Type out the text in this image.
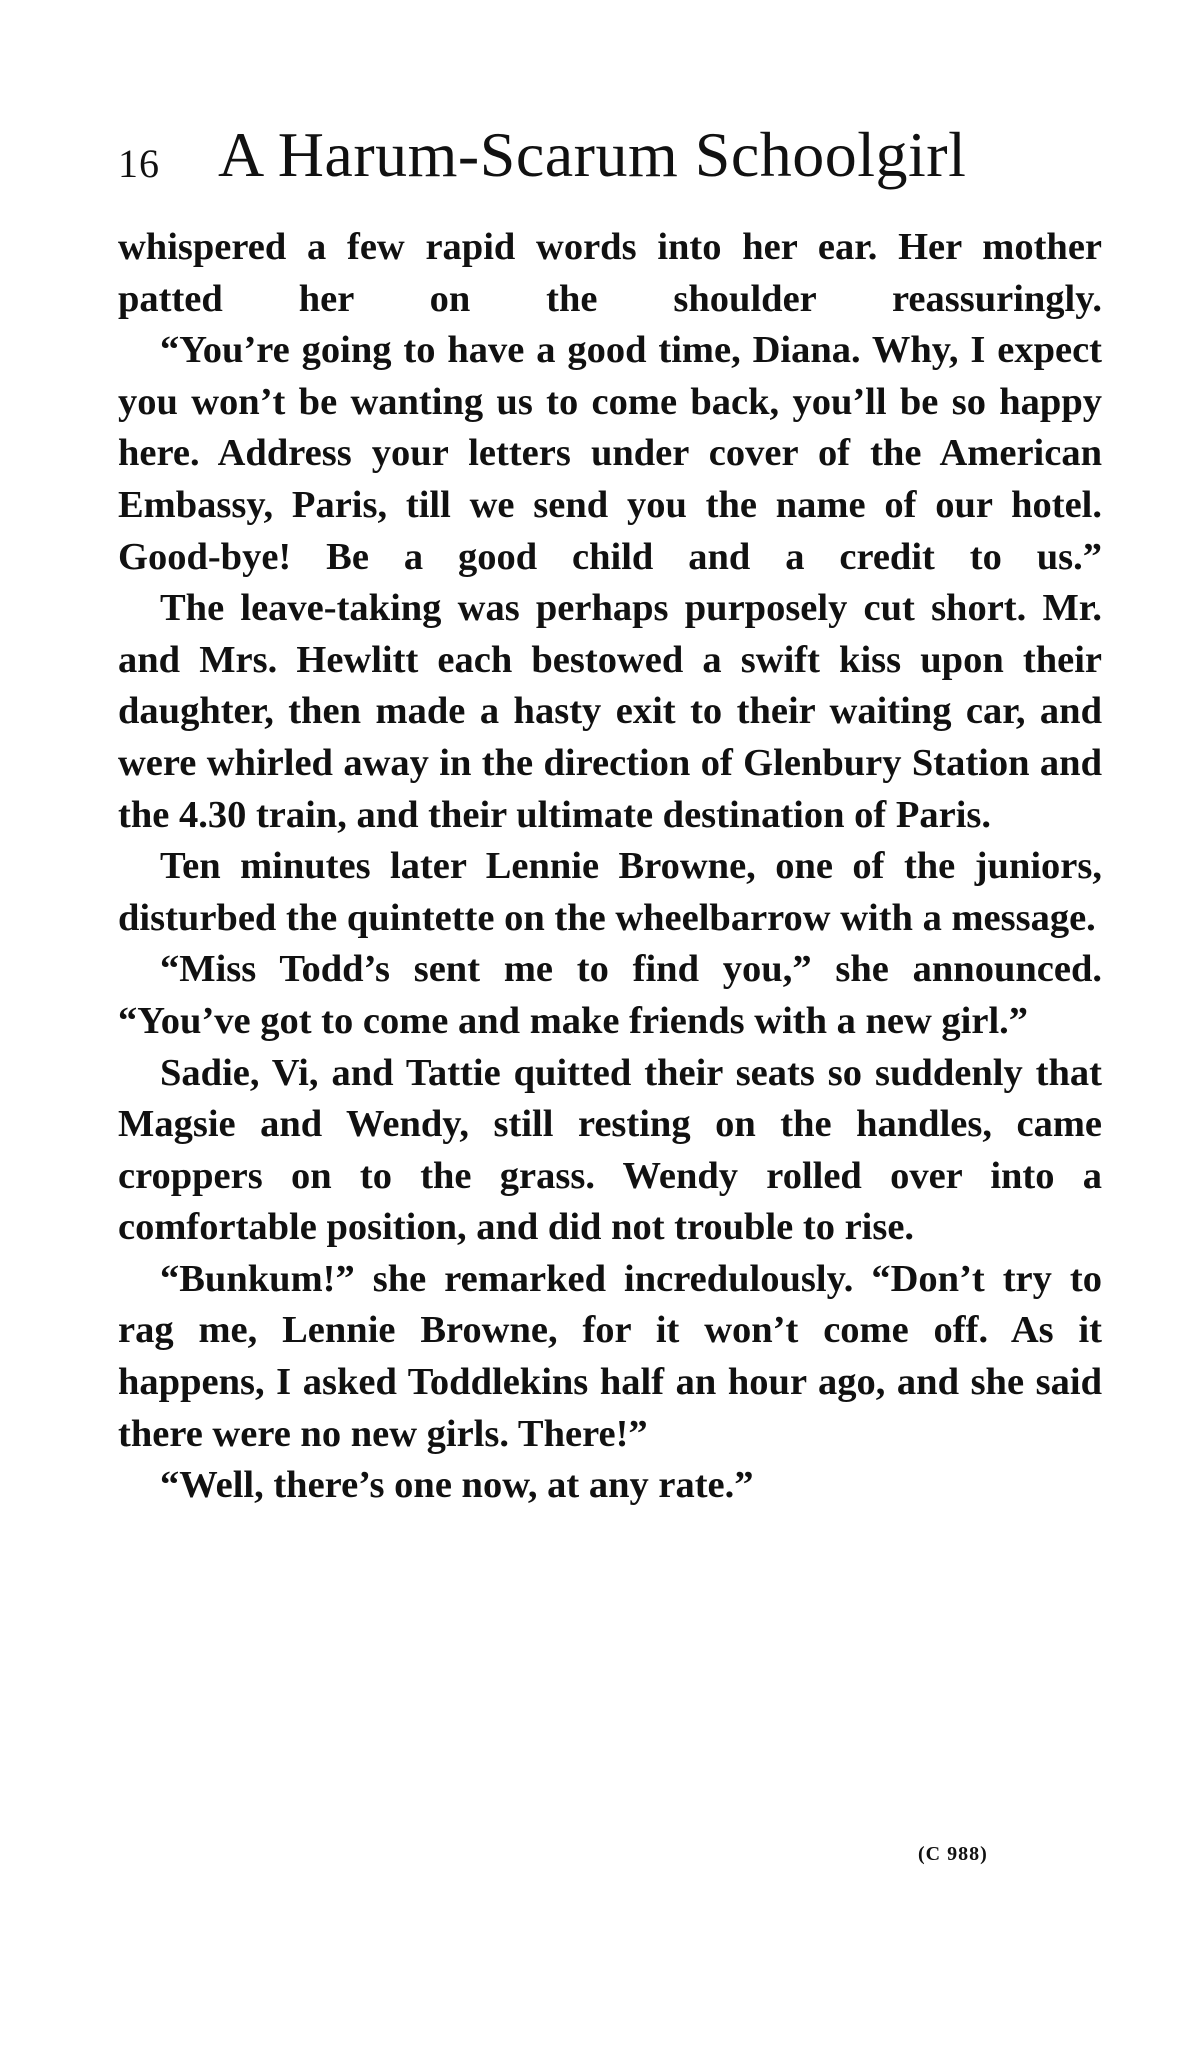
16 A Harum-Scarum Schoolgirl

whispered a few rapid words into her ear. Her mother patted her on the shoulder reassuringly.

“You’re going to have a good time, Diana. Why, I expect you won’t be wanting us to come back, you’ll be so happy here. Address your letters under cover of the American Embassy, Paris, till we send you the name of our hotel. Good-bye! Be a good child and a credit to us.”

The leave-taking was perhaps purposely cut short. Mr. and Mrs. Hewlitt each bestowed a swift kiss upon their daughter, then made a hasty exit to their waiting car, and were whirled away in the direction of Glenbury Station and the 4.30 train, and their ultimate destination of Paris.

Ten minutes later Lennie Browne, one of the juniors, disturbed the quintette on the wheelbarrow with a message.

“Miss Todd’s sent me to find you,” she announced. “You’ve got to come and make friends with a new girl.”

Sadie, Vi, and Tattie quitted their seats so suddenly that Magsie and Wendy, still resting on the handles, came croppers on to the grass. Wendy rolled over into a comfortable position, and did not trouble to rise.

“Bunkum!” she remarked incredulously. “Don’t try to rag me, Lennie Browne, for it won’t come off. As it happens, I asked Toddlekins half an hour ago, and she said there were no new girls. There!”

“Well, there’s one now, at any rate.”

(C 988)
